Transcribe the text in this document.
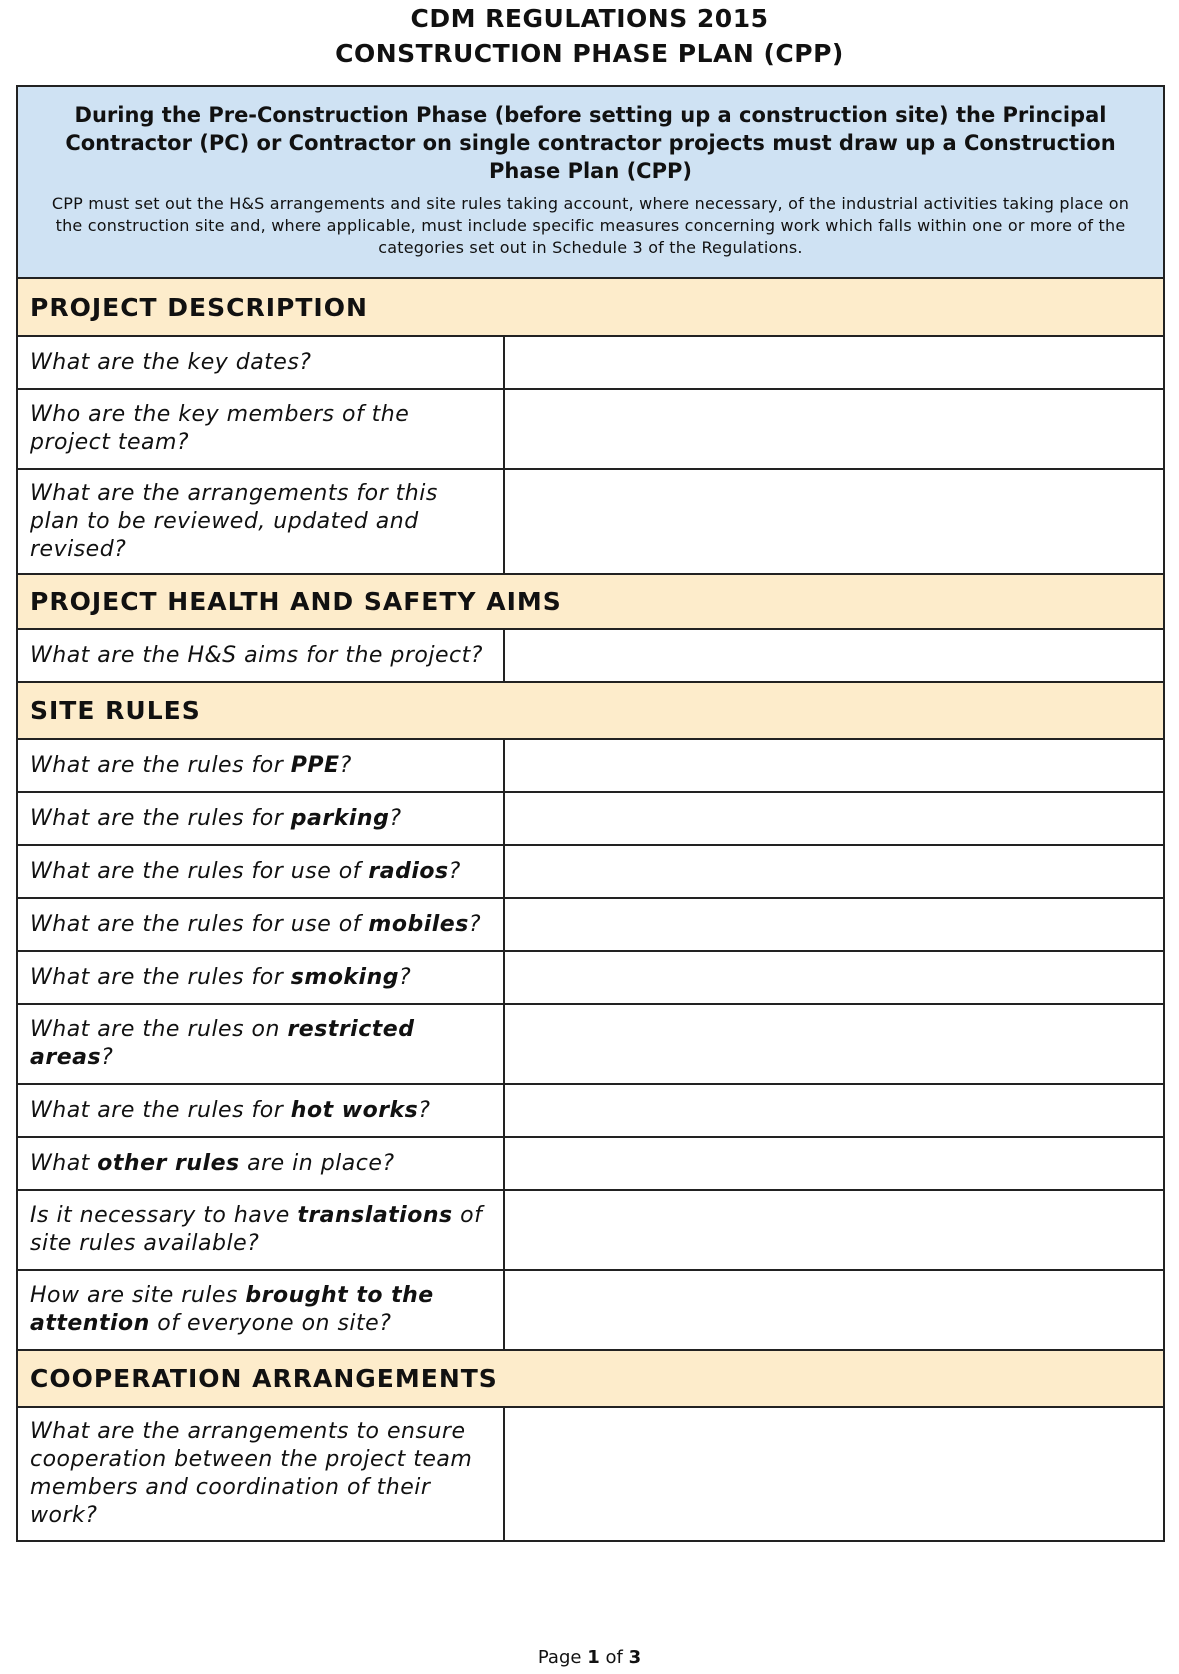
CDM REGULATIONS 2015
CONSTRUCTION PHASE PLAN (CPP)
During the Pre-Construction Phase (before setting up a construction site) the Principal Contractor (PC) or Contractor on single contractor projects must draw up a Construction Phase Plan (CPP)
CPP must set out the H&S arrangements and site rules taking account, where necessary, of the industrial activities taking place on the construction site and, where applicable, must include specific measures concerning work which falls within one or more of the categories set out in Schedule 3 of the Regulations.
PROJECT DESCRIPTION
What are the key dates?
Who are the key members of the project team?
What are the arrangements for this plan to be reviewed, updated and revised?
PROJECT HEALTH AND SAFETY AIMS
What are the H&S aims for the project?
SITE RULES
What are the rules for PPE?
What are the rules for parking?
What are the rules for use of radios?
What are the rules for use of mobiles?
What are the rules for smoking?
What are the rules on restricted areas?
What are the rules for hot works?
What other rules are in place?
Is it necessary to have translations of site rules available?
How are site rules brought to the attention of everyone on site?
COOPERATION ARRANGEMENTS
What are the arrangements to ensure cooperation between the project team members and coordination of their work?
Page 1 of 3
